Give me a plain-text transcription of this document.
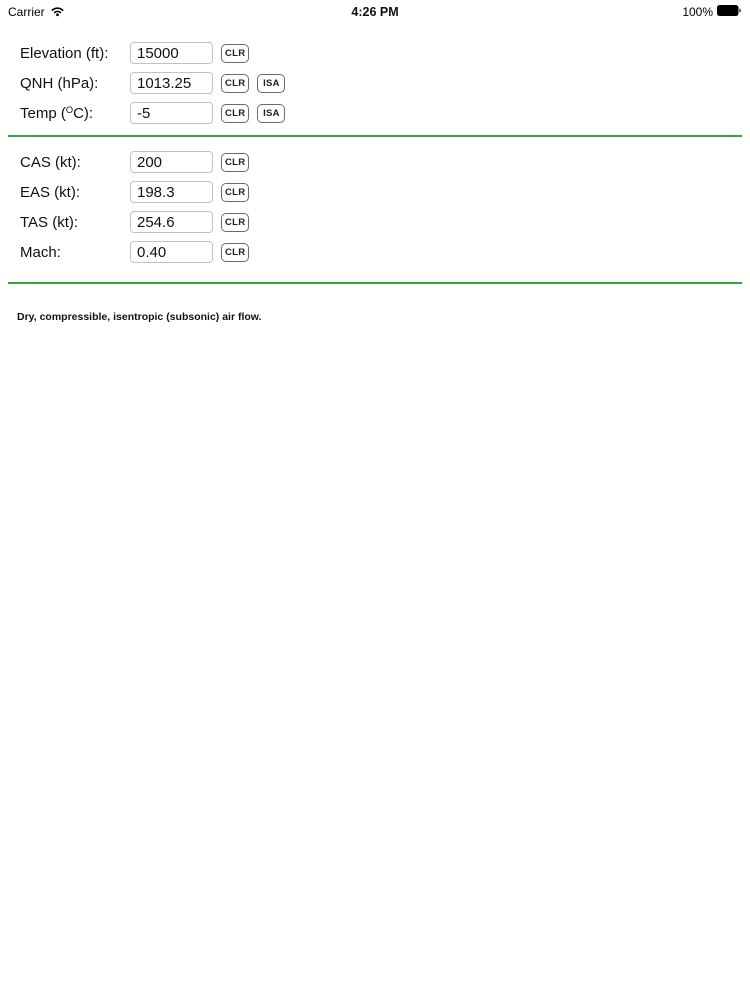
Carrier	4:26 PM	100%
Elevation (ft):
15000	CLR
QNH (hPa):
1013.25	CLR	ISA
Temp ($^O$C):
-5	CLR	ISA
CAS (kt):
200	CLR
EAS (kt):
198.3	CLR
TAS (kt):
254.6	CLR
Mach:
0.40	CLR
Dry, compressible, isentropic (subsonic) air flow.
